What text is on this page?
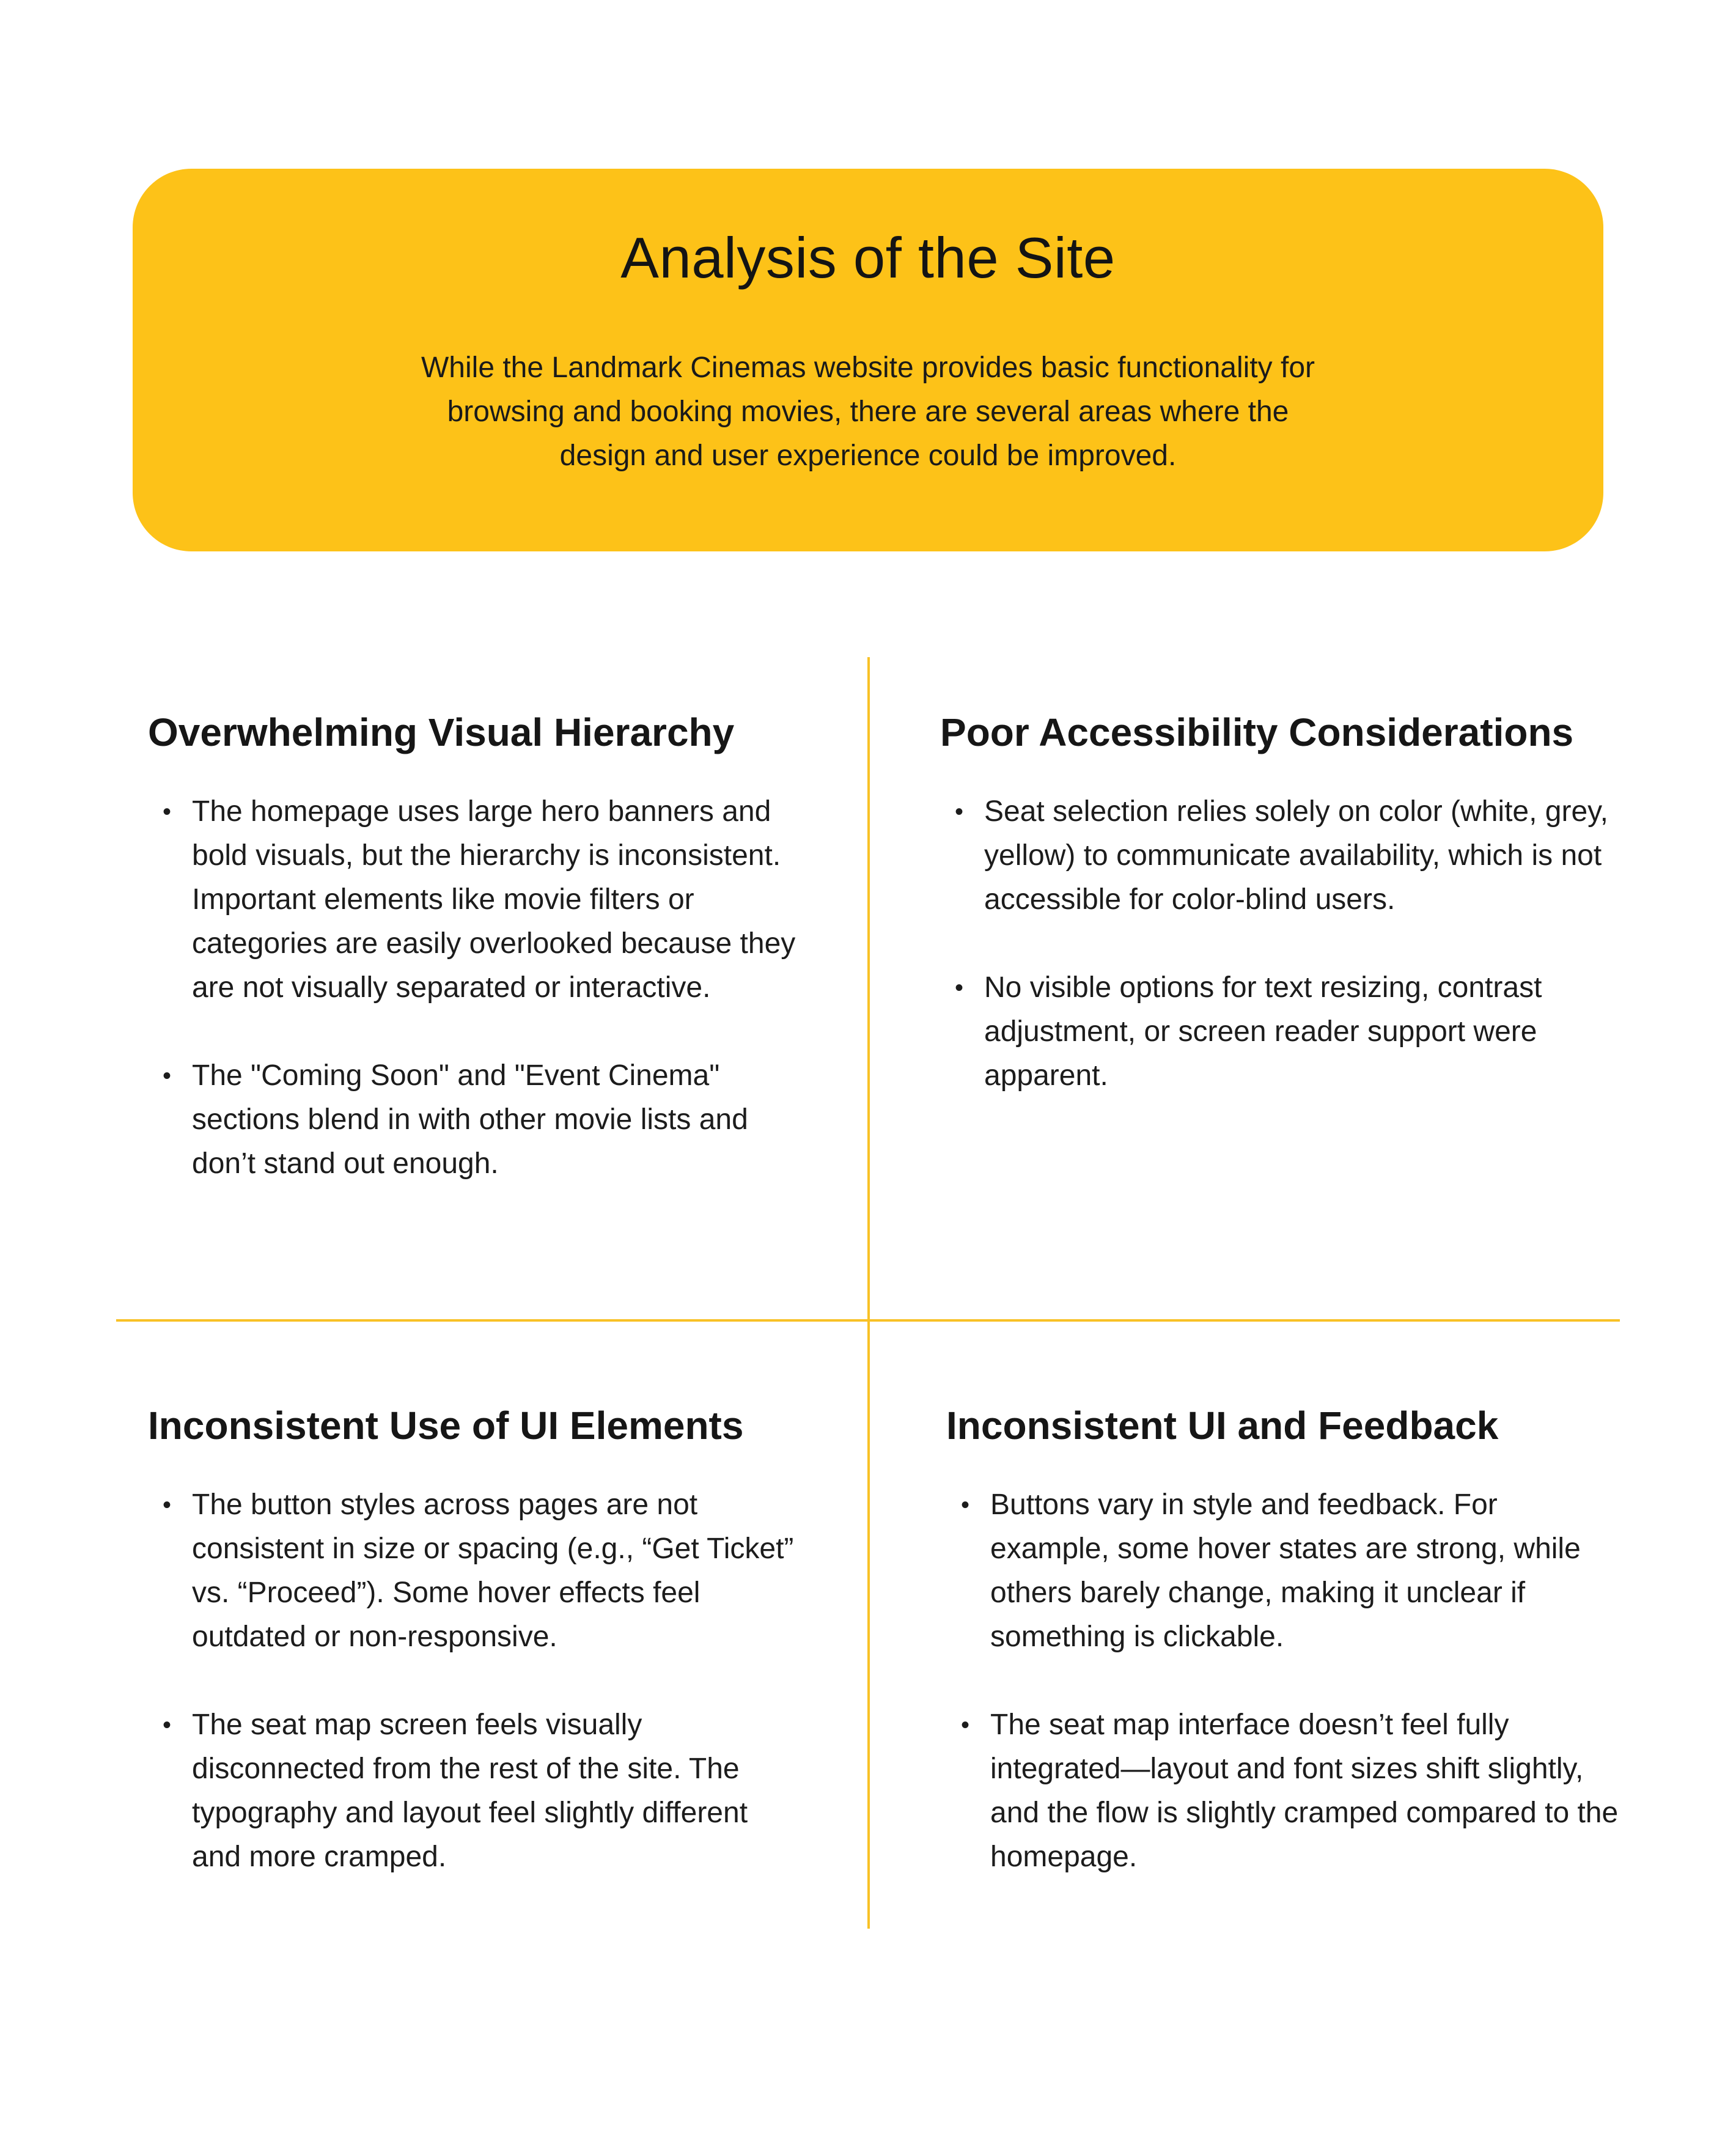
Analysis of the Site

While the Landmark Cinemas website provides basic functionality for browsing and booking movies, there are several areas where the design and user experience could be improved.

Overwhelming Visual Hierarchy
• The homepage uses large hero banners and bold visuals, but the hierarchy is inconsistent. Important elements like movie filters or categories are easily overlooked because they are not visually separated or interactive.
• The "Coming Soon" and "Event Cinema" sections blend in with other movie lists and don’t stand out enough.
Poor Accessibility Considerations
• Seat selection relies solely on color (white, grey, yellow) to communicate availability, which is not accessible for color-blind users.
• No visible options for text resizing, contrast adjustment, or screen reader support were apparent.
Inconsistent Use of UI Elements
• The button styles across pages are not consistent in size or spacing (e.g., “Get Ticket” vs. “Proceed”). Some hover effects feel outdated or non-responsive.
• The seat map screen feels visually disconnected from the rest of the site. The typography and layout feel slightly different and more cramped.
Inconsistent UI and Feedback
• Buttons vary in style and feedback. For example, some hover states are strong, while others barely change, making it unclear if something is clickable.
• The seat map interface doesn’t feel fully integrated—layout and font sizes shift slightly, and the flow is slightly cramped compared to the homepage.
